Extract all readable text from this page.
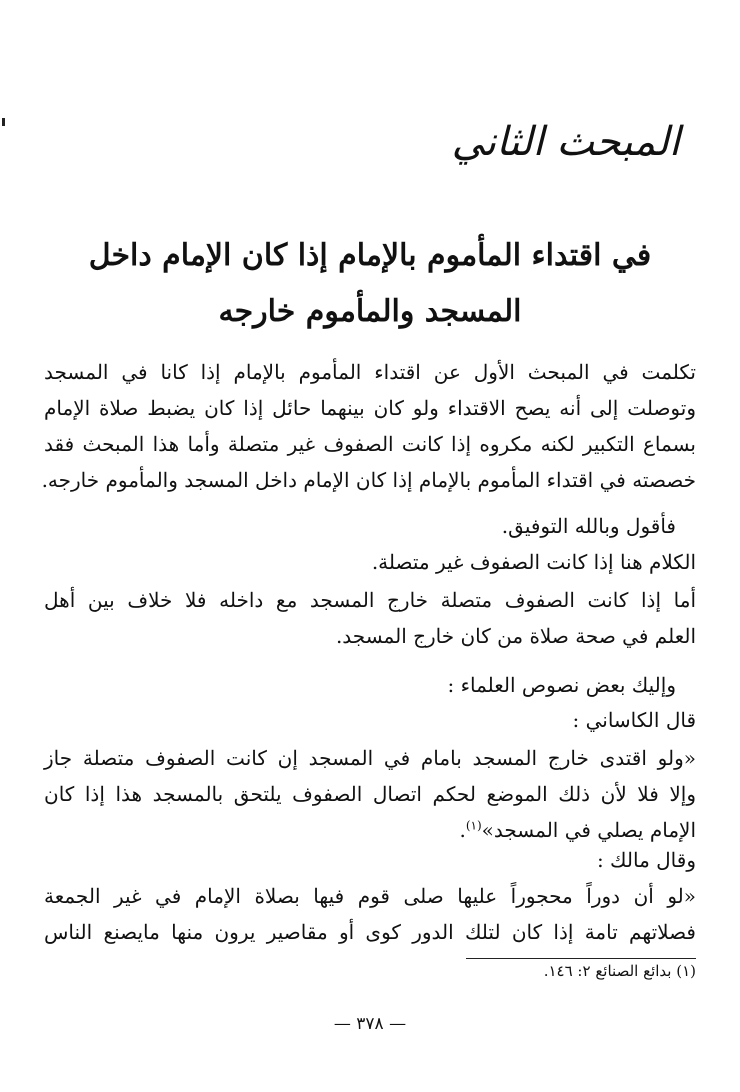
المبحث الثاني
في اقتداء المأموم بالإمام إذا كان الإمام داخل
المسجد والمأموم خارجه
تكلمت في المبحث الأول عن اقتداء المأموم بالإمام إذا كانا في المسجد
وتوصلت إلى أنه يصح الاقتداء ولو كان بينهما حائل إذا كان يضبط صلاة الإمام
بسماع التكبير لكنه مكروه إذا كانت الصفوف غير متصلة وأما هذا المبحث فقد
خصصته في اقتداء المأموم بالإمام إذا كان الإمام داخل المسجد والمأموم خارجه.
فأقول وبالله التوفيق.
الكلام هنا إذا كانت الصفوف غير متصلة.
أما إذا كانت الصفوف متصلة خارج المسجد مع داخله فلا خلاف بين أهل
العلم في صحة صلاة من كان خارج المسجد.
وإليك بعض نصوص العلماء :
قال الكاساني :
«ولو اقتدى خارج المسجد بامام في المسجد إن كانت الصفوف متصلة جاز
وإلا فلا لأن ذلك الموضع لحكم اتصال الصفوف يلتحق بالمسجد هذا إذا كان
الإمام يصلي في المسجد»$^{(١)}$.
وقال مالك :
«لو أن دوراً محجوراً عليها صلى قوم فيها بصلاة الإمام في غير الجمعة
فصلاتهم تامة إذا كان لتلك الدور كوى أو مقاصير يرون منها مايصنع الناس
(١) بدائع الصنائع ٢: ١٤٦.
— ٣٧٨ —
